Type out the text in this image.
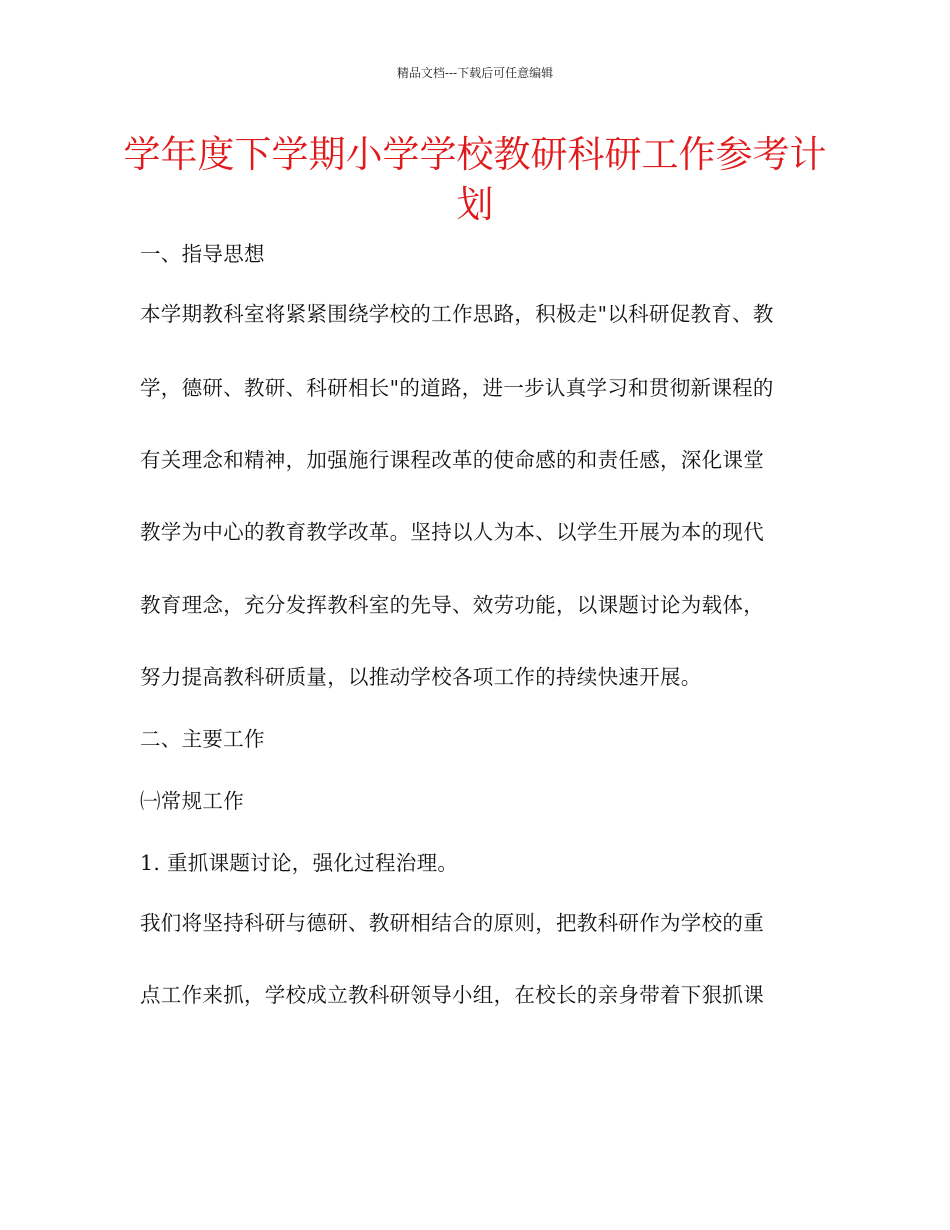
精品文档---下载后可任意编辑
学年度下学期小学学校教研科研工作参考计划
一、指导思想
本学期教科室将紧紧围绕学校的工作思路，积极走"以科研促教育、教
学，德研、教研、科研相长"的道路，进一步认真学习和贯彻新课程的
有关理念和精神，加强施行课程改革的使命感的和责任感，深化课堂
教学为中心的教育教学改革。坚持以人为本、以学生开展为本的现代
教育理念，充分发挥教科室的先导、效劳功能，以课题讨论为载体，
努力提高教科研质量，以推动学校各项工作的持续快速开展。
二、主要工作
㈠常规工作
1. 重抓课题讨论，强化过程治理。
我们将坚持科研与德研、教研相结合的原则，把教科研作为学校的重
点工作来抓，学校成立教科研领导小组，在校长的亲身带着下狠抓课
